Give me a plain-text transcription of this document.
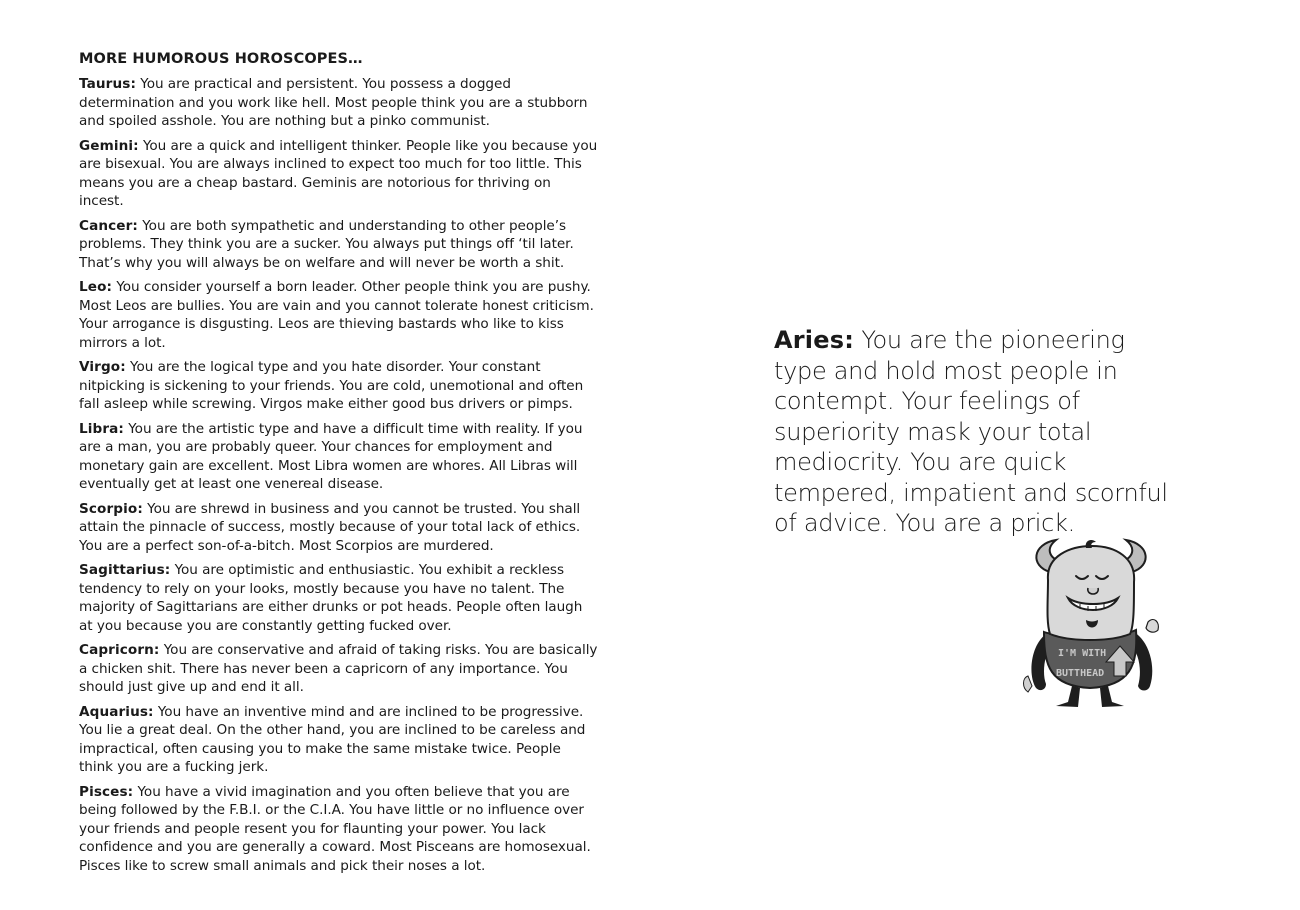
MORE HUMOROUS HOROSCOPES…

Taurus: You are practical and persistent. You possess a dogged determination and you work like hell. Most people think you are a stubborn and spoiled asshole. You are nothing but a pinko communist.

Gemini: You are a quick and intelligent thinker. People like you because you are bisexual. You are always inclined to expect too much for too little. This means you are a cheap bastard. Geminis are notorious for thriving on incest.

Cancer: You are both sympathetic and understanding to other people’s problems. They think you are a sucker. You always put things off ‘til later. That’s why you will always be on welfare and will never be worth a shit.

Leo: You consider yourself a born leader. Other people think you are pushy. Most Leos are bullies. You are vain and you cannot tolerate honest criticism. Your arrogance is disgusting. Leos are thieving bastards who like to kiss mirrors a lot.

Virgo: You are the logical type and you hate disorder. Your constant nitpicking is sickening to your friends. You are cold, unemotional and often fall asleep while screwing. Virgos make either good bus drivers or pimps.

Libra: You are the artistic type and have a difficult time with reality. If you are a man, you are probably queer. Your chances for employment and monetary gain are excellent. Most Libra women are whores. All Libras will eventually get at least one venereal disease.

Scorpio: You are shrewd in business and you cannot be trusted. You shall attain the pinnacle of success, mostly because of your total lack of ethics. You are a perfect son-of-a-bitch. Most Scorpios are murdered.

Sagittarius: You are optimistic and enthusiastic. You exhibit a reckless tendency to rely on your looks, mostly because you have no talent. The majority of Sagittarians are either drunks or pot heads. People often laugh at you because you are constantly getting fucked over.

Capricorn: You are conservative and afraid of taking risks. You are basically a chicken shit. There has never been a capricorn of any importance. You should just give up and end it all.

Aquarius: You have an inventive mind and are inclined to be progressive. You lie a great deal. On the other hand, you are inclined to be careless and impractical, often causing you to make the same mistake twice. People think you are a fucking jerk.

Pisces: You have a vivid imagination and you often believe that you are being followed by the F.B.I. or the C.I.A. You have little or no influence over your friends and people resent you for flaunting your power. You lack confidence and you are generally a coward. Most Pisceans are homosexual. Pisces like to screw small animals and pick their noses a lot.

Aries: You are the pioneering type and hold most people in contempt. Your feelings of superiority mask your total mediocrity. You are quick tempered, impatient and scornful of advice. You are a prick.

I'M WITH
BUTTHEAD
